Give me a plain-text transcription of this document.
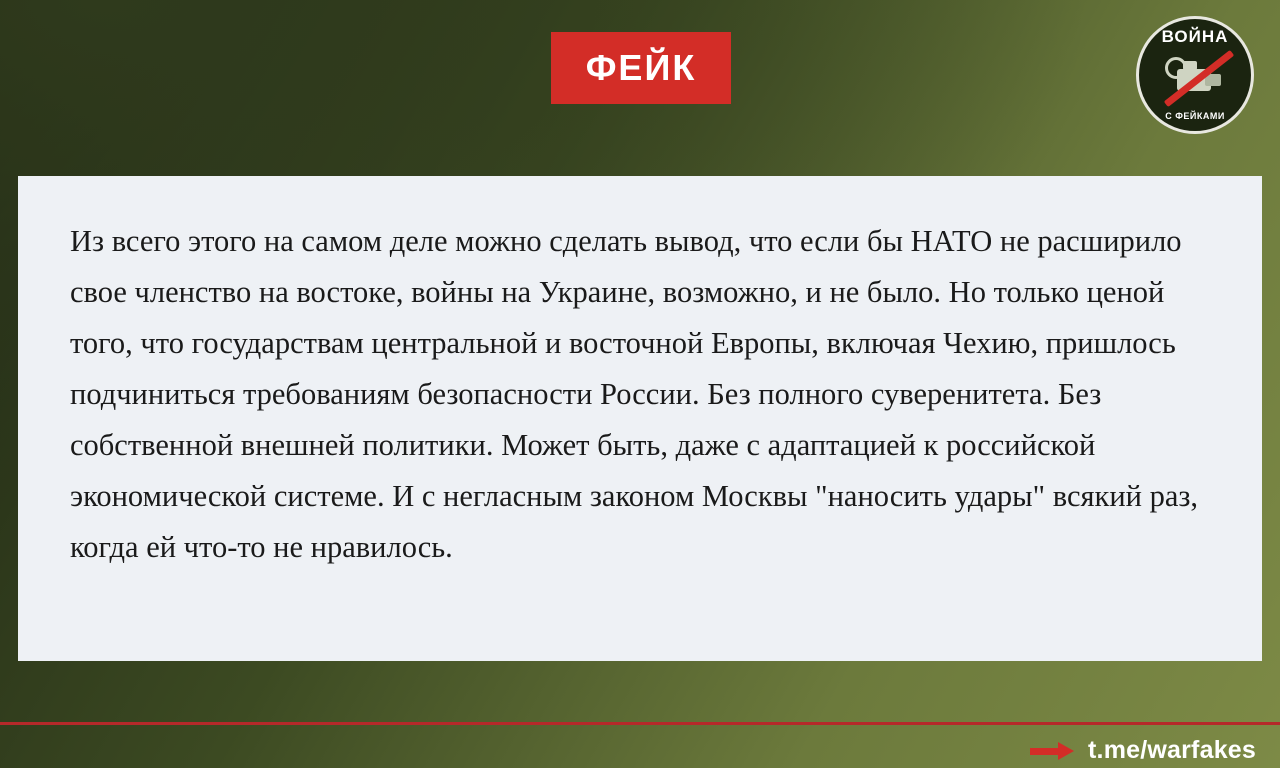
ФЕЙК
ВОЙНА
С ФЕЙКАМИ
Из всего этого на самом деле можно сделать вывод, что если бы НАТО не расширило свое членство на востоке, войны на Украине, возможно, и не было. Но только ценой того, что государствам центральной и восточной Европы, включая Чехию, пришлось подчиниться требованиям безопасности России. Без полного суверенитета. Без собственной внешней политики. Может быть, даже с адаптацией к российской экономической системе. И с негласным законом Москвы "наносить удары" всякий раз, когда ей что-то не нравилось.
t.me/warfakes
